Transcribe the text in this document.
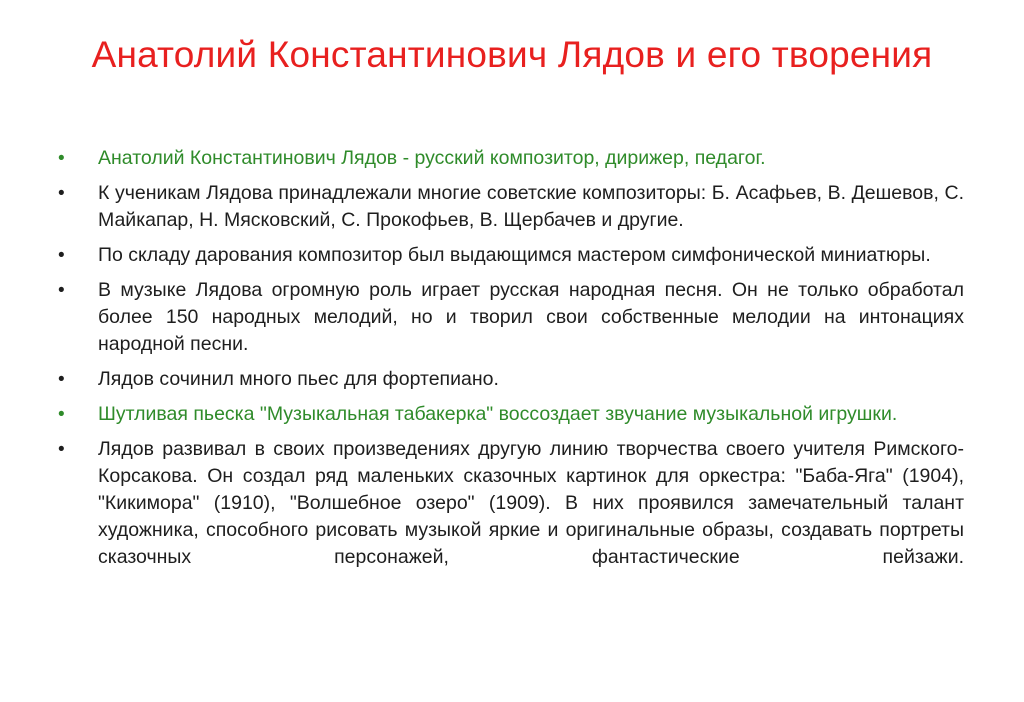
Анатолий Константинович Лядов и его творения
•	Анатолий Константинович Лядов - русский композитор, дирижер, педагог.
•	К ученикам Лядова принадлежали многие советские композиторы: Б. Асафьев, В. Дешевов, С. Майкапар, Н. Мясковский, С. Прокофьев, В. Щербачев и другие.
•	По складу дарования композитор был выдающимся мастером симфонической миниатюры.
•	В музыке Лядова огромную роль играет русская народная песня. Он не только обработал более 150 народных мелодий, но и творил свои собственные мелодии на интонациях народной песни.
•	Лядов сочинил много пьес для фортепиано.
•	Шутливая пьеска "Музыкальная табакерка" воссоздает звучание музыкальной игрушки.
•	Лядов развивал в своих произведениях другую линию творчества своего учителя Римского-Корсакова. Он создал ряд маленьких сказочных картинок для оркестра: "Баба-Яга" (1904), "Кикимора" (1910), "Волшебное озеро" (1909). В них проявился замечательный талант художника, способного рисовать музыкой яркие и оригинальные образы, создавать портреты сказочных персонажей, фантастические пейзажи.
